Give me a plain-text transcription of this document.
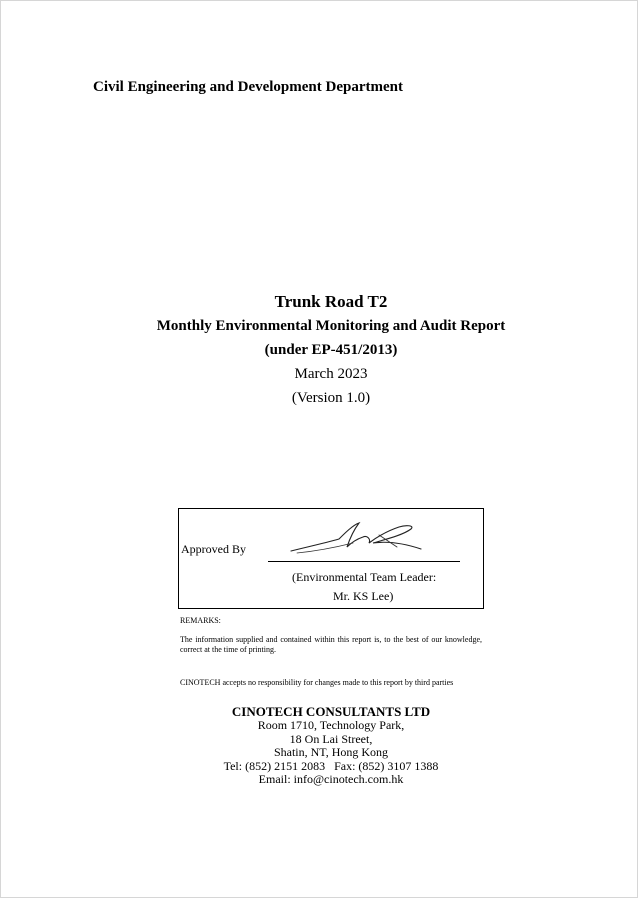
Civil Engineering and Development Department
Trunk Road T2
Monthly Environmental Monitoring and Audit Report
(under EP-451/2013)
March 2023
(Version 1.0)
Approved By
(Environmental Team Leader:
Mr. KS Lee)
REMARKS:
The information supplied and contained within this report is, to the best of our knowledge, correct at the time of printing.
CINOTECH accepts no responsibility for changes made to this report by third parties
CINOTECH CONSULTANTS LTD
Room 1710, Technology Park,
18 On Lai Street,
Shatin, NT, Hong Kong
Tel: (852) 2151 2083   Fax: (852) 3107 1388
Email: info@cinotech.com.hk
